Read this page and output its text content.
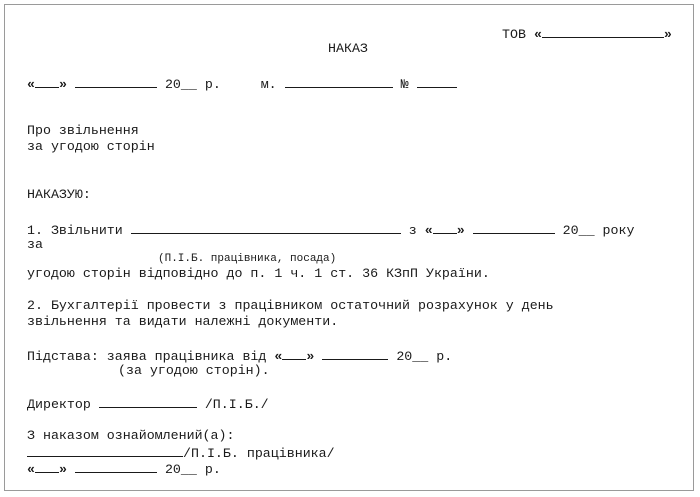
ТОВ «	»
НАКАЗ
« »	20__ р.	м.	№
Про звільнення
за угодою сторін
НАКАЗУЮ:
1. Звільнити	з « »	20__ року
за
(П.І.Б. працівника, посада)
угодою сторін відповідно до п. 1 ч. 1 ст. 36 КЗпП України.
2. Бухгалтерії провести з працівником остаточний розрахунок у день
звільнення та видати належні документи.
Підстава: заява працівника від « »	20__ р.
(за угодою сторін).
Директор	/П.І.Б./
З наказом ознайомлений(а):
/П.І.Б. працівника/
« »	20__ р.
